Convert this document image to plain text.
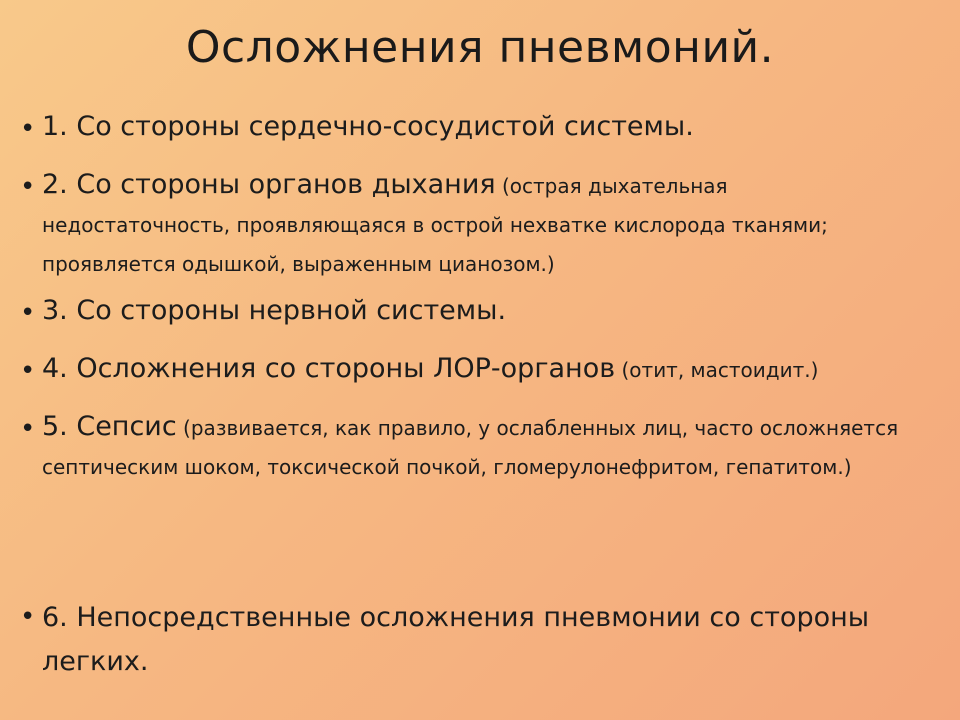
Осложнения пневмоний.
• 1. Со стороны сердечно-сосудистой системы.
• 2. Со стороны органов дыхания (острая дыхательная недостаточность, проявляющаяся в острой нехватке кислорода тканями; проявляется одышкой, выраженным цианозом.)
• 3. Со стороны нервной системы.
• 4. Осложнения со стороны ЛОР-органов (отит, мастоидит.)
• 5. Сепсис (развивается, как правило, у ослабленных лиц, часто осложняется септическим шоком, токсической почкой, гломерулонефритом, гепатитом.)
• 6. Непосредственные осложнения пневмонии со стороны легких.
